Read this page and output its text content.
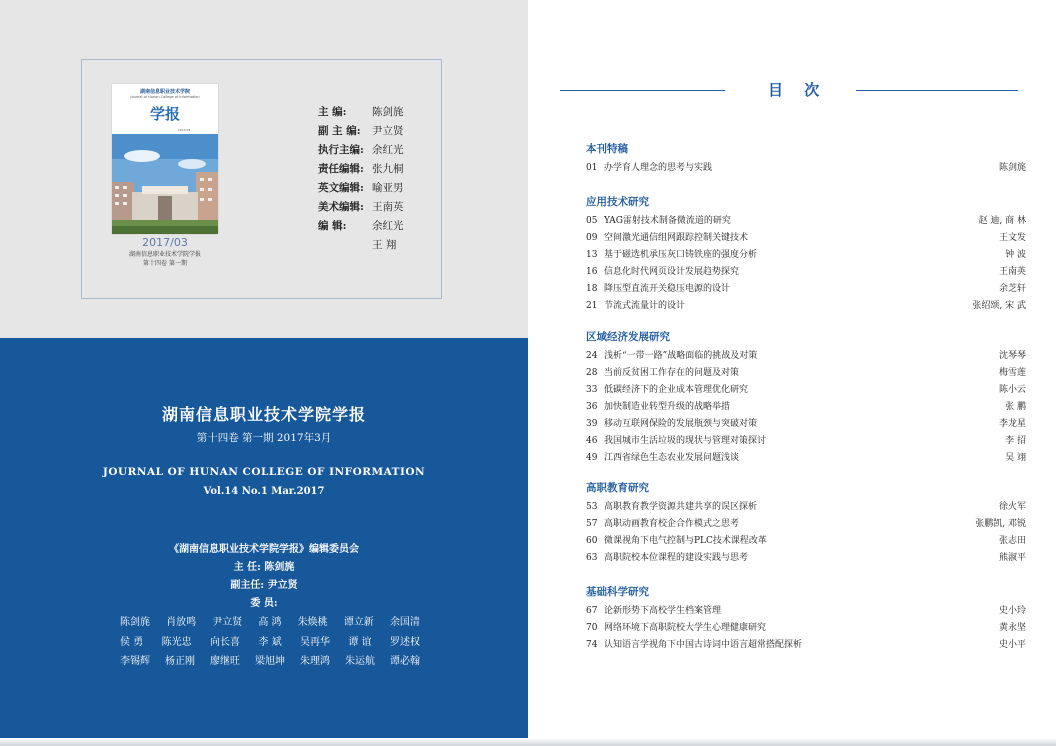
湖南信息职业技术学院
Journal of Hunan College of Information
学报
2017/03
2017/03
湖南信息职业技术学院学报
第十四卷 第一期
主 编:	陈剑旄
副 主 编:	尹立贤
执行主编: 余红光
责任编辑: 张九桐
英文编辑: 喻亚男
美术编辑: 王南英
编 辑:	余红光
王 翔
湖南信息职业技术学院学报
第十四卷 第一期 2017年3月
JOURNAL OF HUNAN COLLEGE OF INFORMATION
Vol.14 No.1 Mar.2017
《湖南信息职业技术学院学报》编辑委员会
主 任: 陈剑旄
副主任: 尹立贤
委 员:
陈剑旄 肖放鸣 尹立贤 高 鸿 朱焕桃 谭立新 余国清
侯 勇 陈光忠 向长喜 李 斌 吴再华 谭 谊 罗述权
李锡辉 杨正刚 廖继旺 梁旭坤 朱理鸿 朱运航 谭必翰
目 次
本刊特稿
01 办学育人理念的思考与实践	陈剑旄
应用技术研究
05 YAG雷射技术制备微流道的研究	赵 迪, 商 林
09 空间激光通信组网跟踪控制关键技术	王文发
13 基于磁选机承压灰口铸铁座的强度分析	钟 波
16 信息化时代网页设计发展趋势探究	王南英
18 降压型直流开关稳压电源的设计	余芝轩
21 节流式流量计的设计	张绍颂, 宋 武
区域经济发展研究
24 浅析“一带一路”战略面临的挑战及对策	沈琴琴
28 当前反贫困工作存在的问题及对策	梅雪莲
33 低碳经济下的企业成本管理优化研究	陈小云
36 加快制造业转型升级的战略举措	张 鹏
39 移动互联网保险的发展瓶颈与突破对策	李龙星
46 我国城市生活垃圾的现状与管理对策探讨	李 招
49 江西省绿色生态农业发展问题浅谈	吴 翊
高职教育研究
53 高职教育教学资源共建共享的误区探析	徐火军
57 高职动画教育校企合作模式之思考	张鹏凯, 邓锐
60 微课视角下电气控制与PLC技术课程改革	张志田
63 高职院校本位课程的建设实践与思考	熊淑平
基础科学研究
67 论新形势下高校学生档案管理	史小玲
70 网络环境下高职院校大学生心理健康研究	黄永坚
74 认知语言学视角下中国古诗词中语言超常搭配探析	史小平
